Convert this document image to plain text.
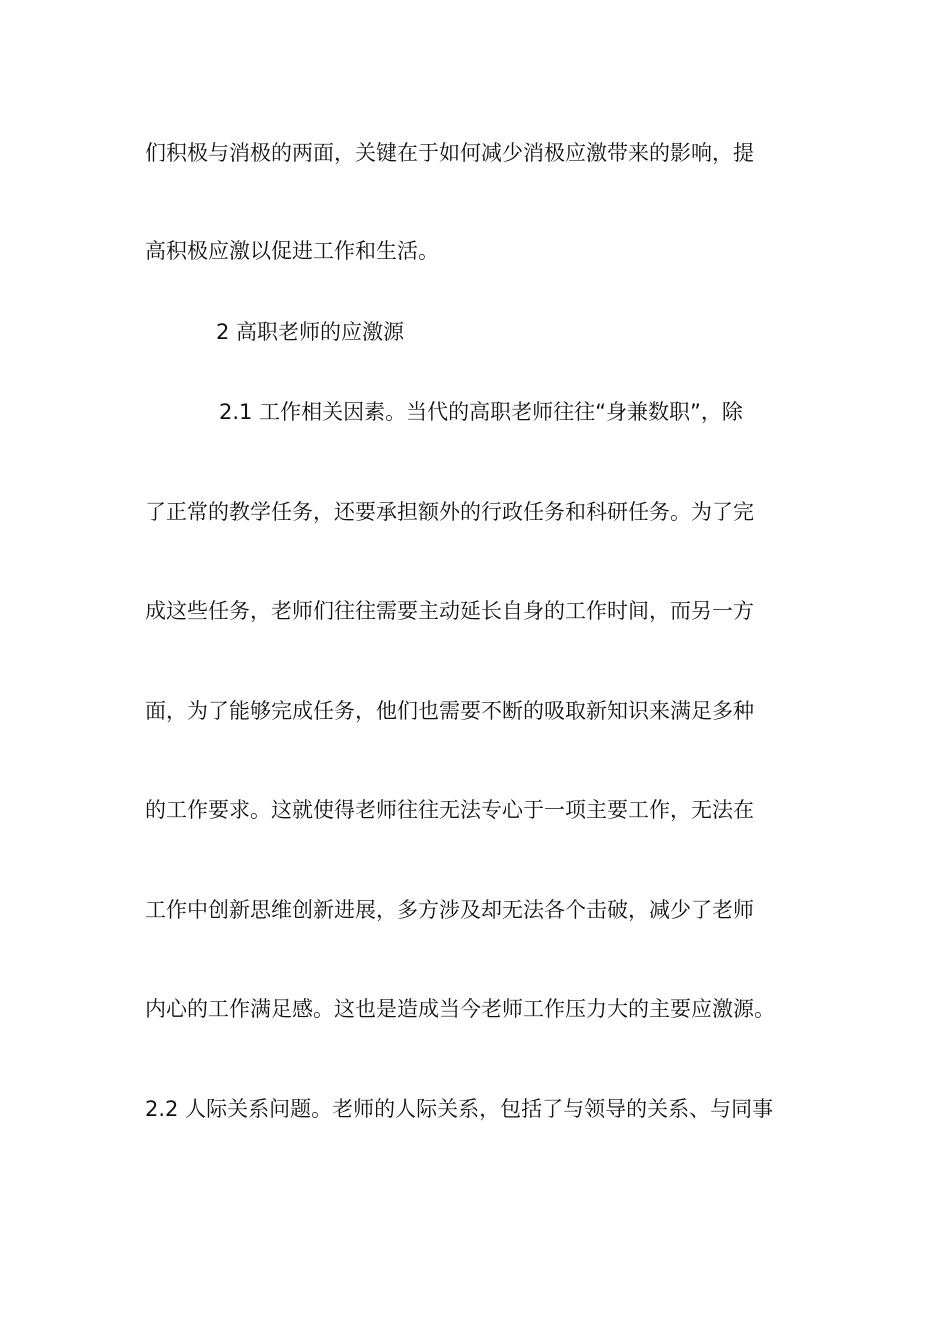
们积极与消极的两面，关键在于如何减少消极应激带来的影响，提

高积极应激以促进工作和生活。

2 高职老师的应激源

2.1 工作相关因素。当代的高职老师往往“身兼数职”，除

了正常的教学任务，还要承担额外的行政任务和科研任务。为了完

成这些任务，老师们往往需要主动延长自身的工作时间，而另一方

面，为了能够完成任务，他们也需要不断的吸取新知识来满足多种

的工作要求。这就使得老师往往无法专心于一项主要工作，无法在

工作中创新思维创新进展，多方涉及却无法各个击破，减少了老师

内心的工作满足感。这也是造成当今老师工作压力大的主要应激源。

2.2 人际关系问题。老师的人际关系，包括了与领导的关系、与同事
